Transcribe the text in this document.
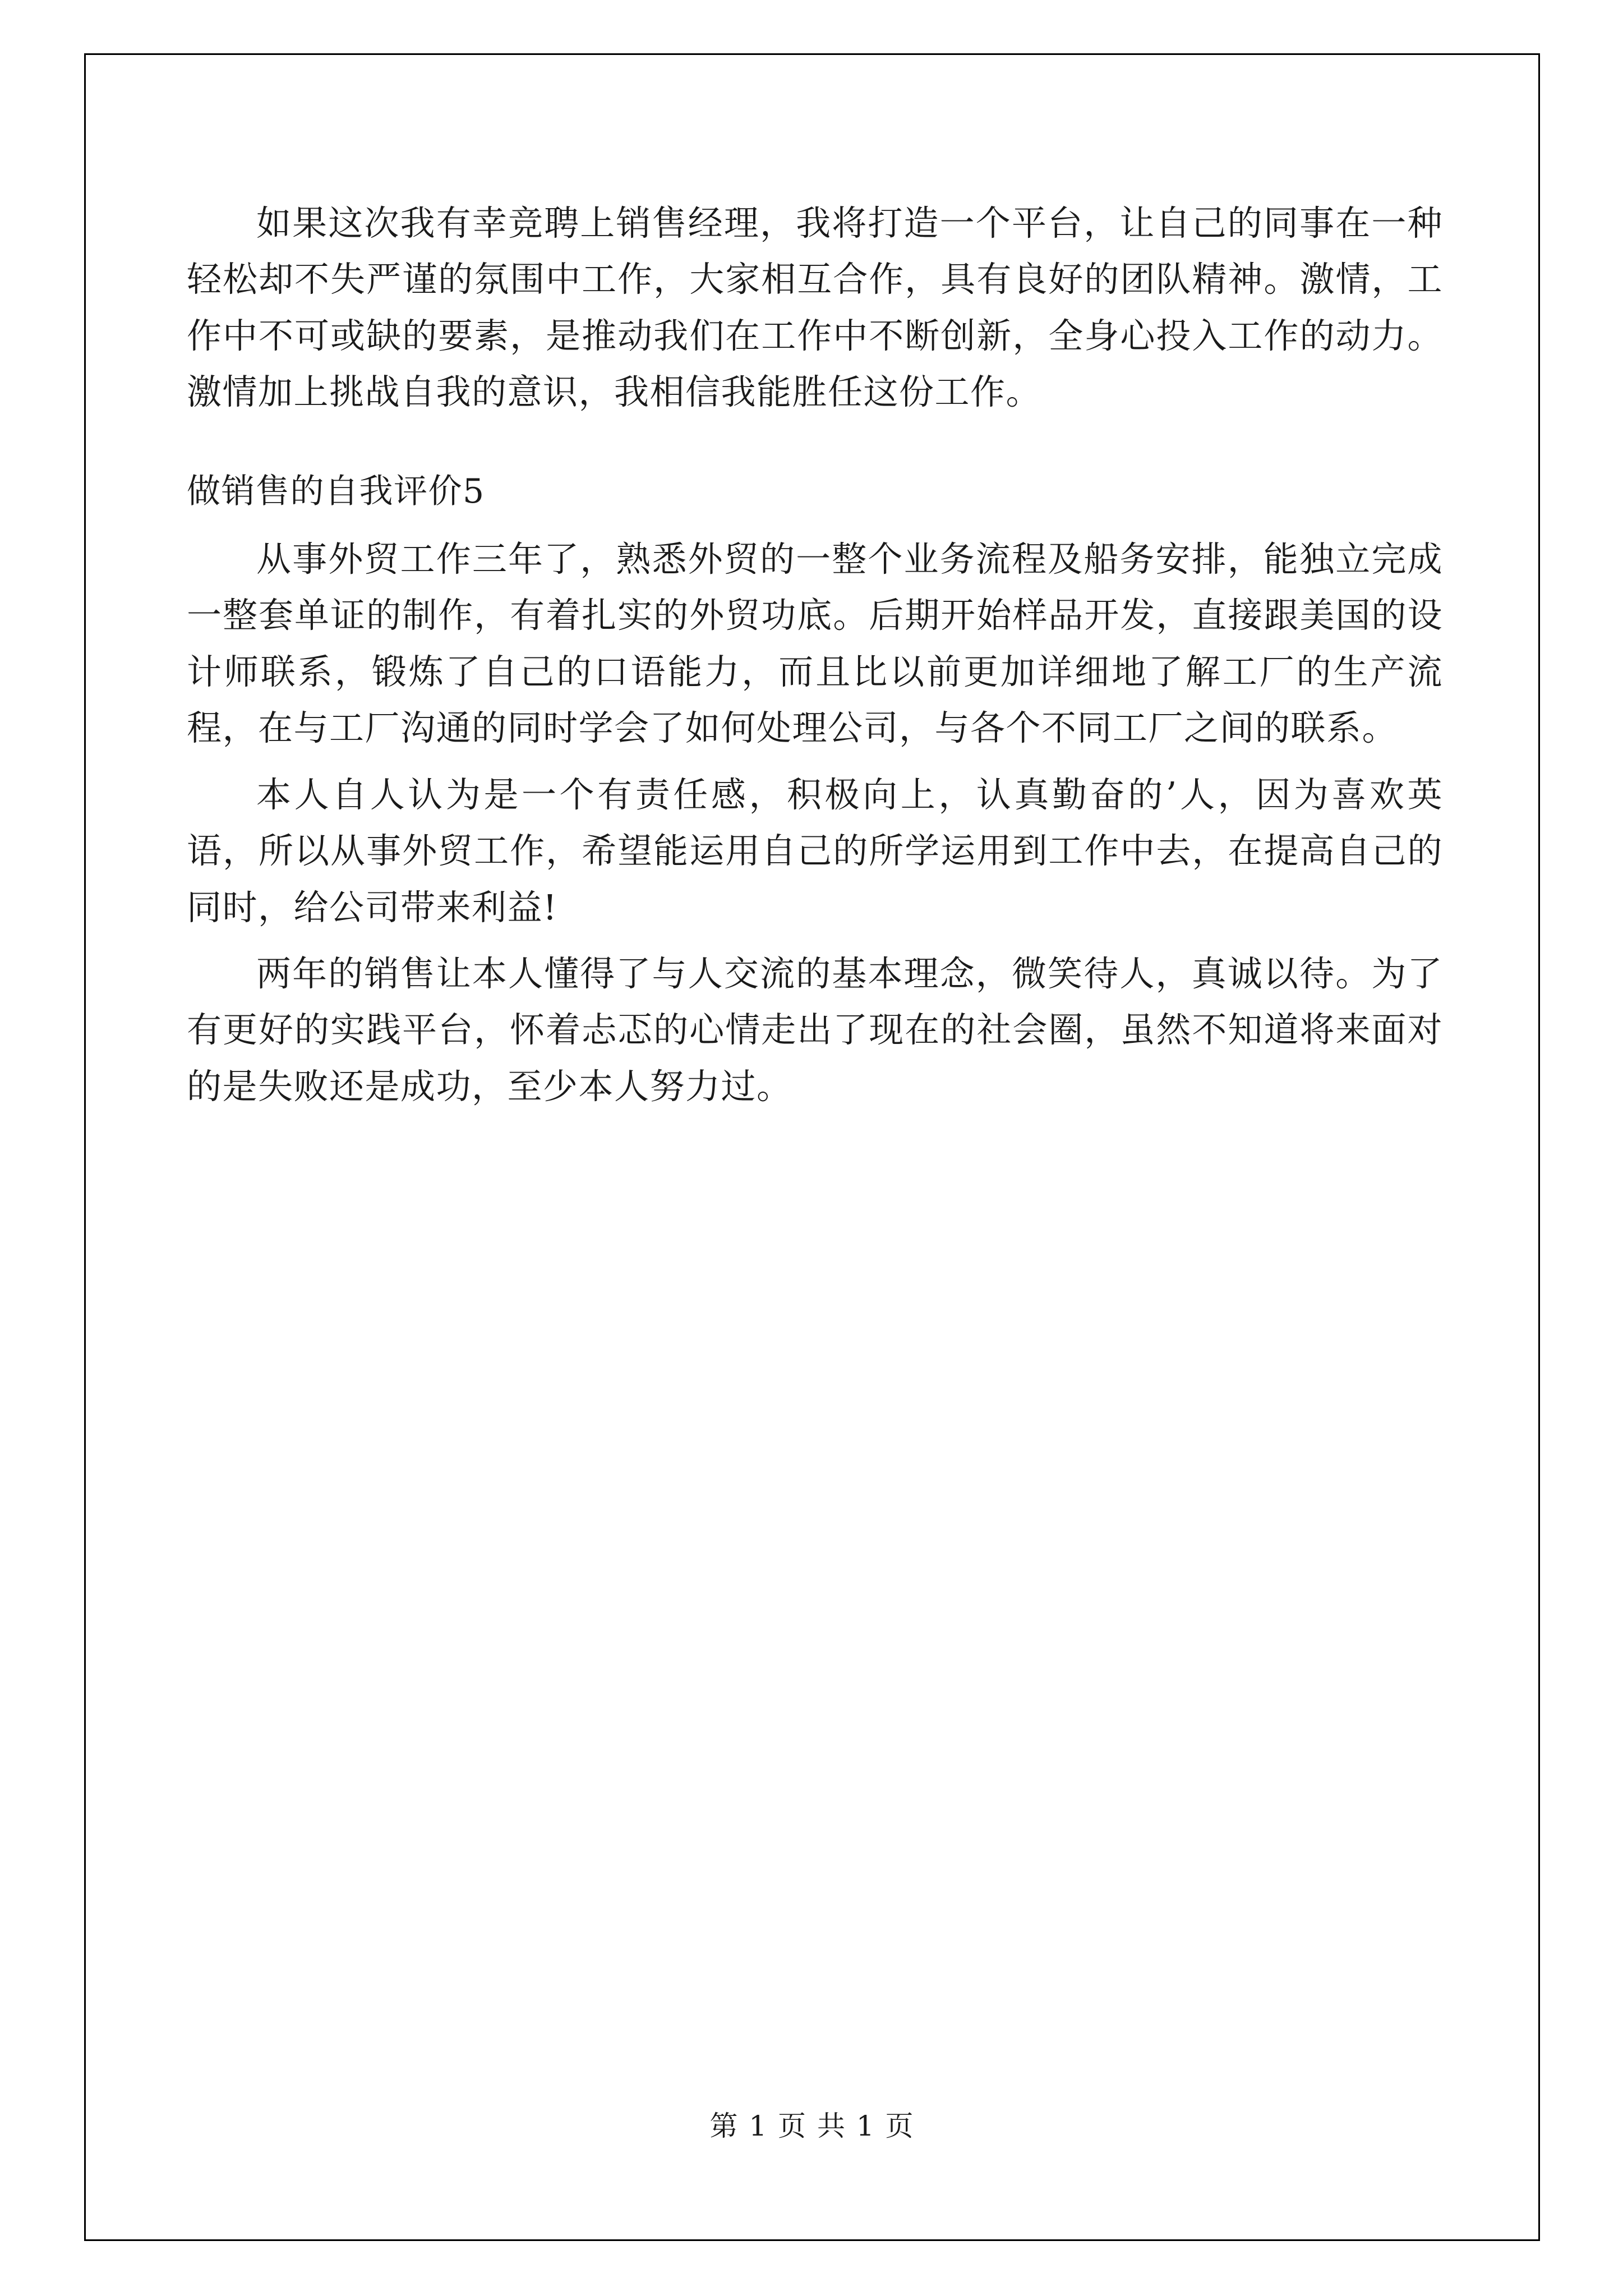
如果这次我有幸竞聘上销售经理，我将打造一个平台，让自己的同事在一种轻松却不失严谨的氛围中工作，大家相互合作，具有良好的团队精神。激情，工作中不可或缺的要素，是推动我们在工作中不断创新，全身心投入工作的动力。激情加上挑战自我的意识，我相信我能胜任这份工作。

做销售的自我评价5

从事外贸工作三年了，熟悉外贸的一整个业务流程及船务安排，能独立完成一整套单证的制作，有着扎实的外贸功底。后期开始样品开发，直接跟美国的设计师联系，锻炼了自己的口语能力，而且比以前更加详细地了解工厂的生产流程，在与工厂沟通的同时学会了如何处理公司，与各个不同工厂之间的联系。

本人自人认为是一个有责任感，积极向上，认真勤奋的’人，因为喜欢英语，所以从事外贸工作，希望能运用自己的所学运用到工作中去，在提高自己的同时，给公司带来利益!

两年的销售让本人懂得了与人交流的基本理念，微笑待人，真诚以待。为了有更好的实践平台，怀着忐忑的心情走出了现在的社会圈，虽然不知道将来面对的是失败还是成功，至少本人努力过。

第 1 页 共 1 页
